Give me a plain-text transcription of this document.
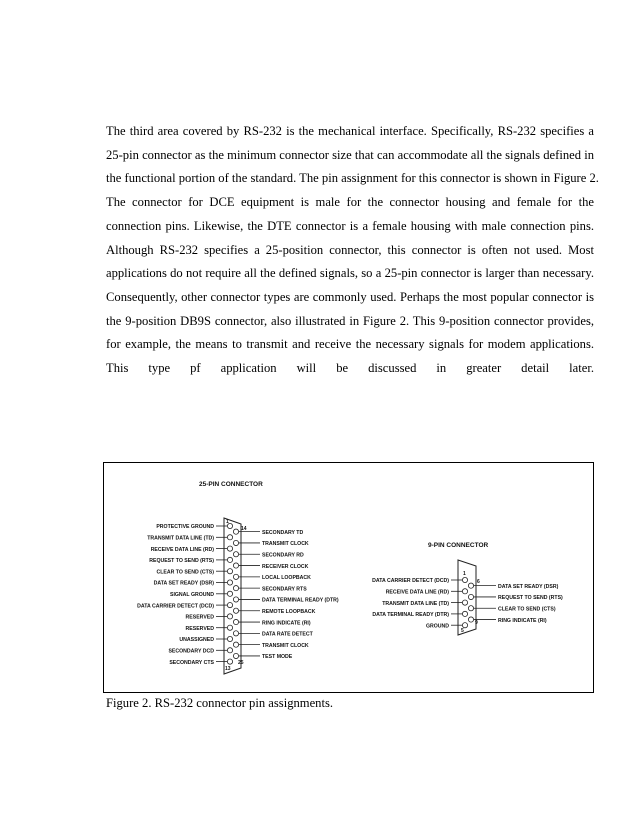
The third area covered by RS-232 is the mechanical interface. Specifically, RS-232 specifies a
25-pin connector as the minimum connector size that can accommodate all the signals defined in
the functional portion of the standard. The pin assignment for this connector is shown in Figure 2.
The connector for DCE equipment is male for the connector housing and female for the
connection pins. Likewise, the DTE connector is a female housing with male connection pins.
Although RS-232 specifies a 25-position connector, this connector is often not used. Most
applications do not require all the defined signals, so a 25-pin connector is larger than necessary.
Consequently, other connector types are commonly used. Perhaps the most popular connector is
the 9-position DB9S connector, also illustrated in Figure 2. This 9-position connector provides,
for example, the means to transmit and receive the necessary signals for modem applications.
This type pf application will be discussed in greater detail later.
25-PIN CONNECTOR
PROTECTIVE GROUND
TRANSMIT DATA LINE (TD)
RECEIVE DATA LINE (RD)
REQUEST TO SEND (RTS)
CLEAR TO SEND (CTS)
DATA SET READY (DSR)
SIGNAL GROUND
DATA CARRIER DETECT (DCD)
RESERVED
RESERVED
UNASSIGNED
SECONDARY DCD
SECONDARY CTS
SECONDARY TD
TRANSMIT CLOCK
SECONDARY RD
RECEIVER CLOCK
LOCAL LOOPBACK
SECONDARY RTS
DATA TERMINAL READY (DTR)
REMOTE LOOPBACK
RING INDICATE (RI)
DATA RATE DETECT
TRANSMIT CLOCK
TEST MODE
1
14
13
25
9-PIN CONNECTOR
DATA CARRIER DETECT (DCD)
RECEIVE DATA LINE (RD)
TRANSMIT DATA LINE (TD)
DATA TERMINAL READY (DTR)
GROUND
DATA SET READY (DSR)
REQUEST TO SEND (RTS)
CLEAR TO SEND (CTS)
RING INDICATE (RI)
1
6
5
9
Figure 2. RS-232 connector pin assignments.
